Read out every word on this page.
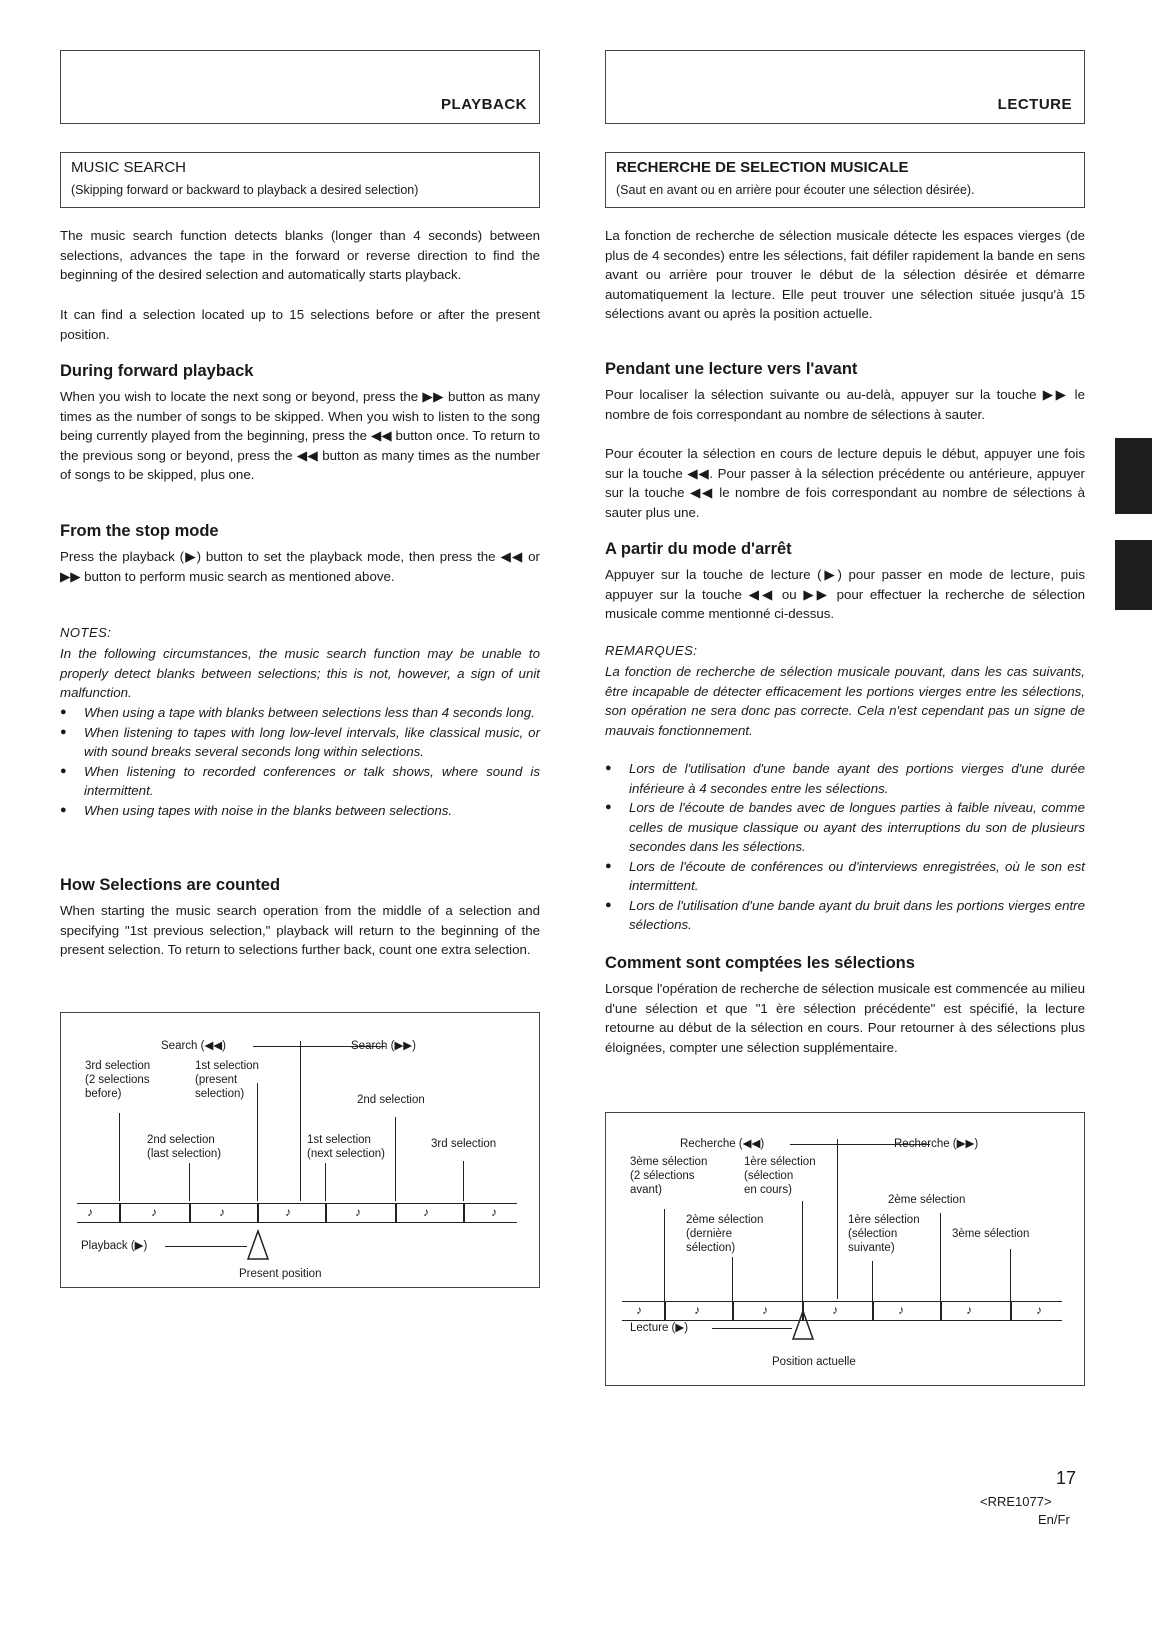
PLAYBACK
MUSIC SEARCH
(Skipping forward or backward to playback a desired selection)

The music search function detects blanks (longer than 4 seconds) between selections, advances the tape in the forward or reverse direction to find the beginning of the desired selection and automatically starts playback.

It can find a selection located up to 15 selections before or after the present position.

During forward playback

When you wish to locate the next song or beyond, press the ▶▶ button as many times as the number of songs to be skipped. When you wish to listen to the song being currently played from the beginning, press the ◀◀ button once. To return to the previous song or beyond, press the ◀◀ button as many times as the number of songs to be skipped, plus one.

From the stop mode

Press the playback (▶) button to set the playback mode, then press the ◀◀ or ▶▶ button to perform music search as mentioned above.

NOTES:

In the following circumstances, the music search function may be unable to properly detect blanks between selections; this is not, however, a sign of unit malfunction.

● When using a tape with blanks between selections less than 4 seconds long.
● When listening to tapes with long low-level intervals, like classical music, or with sound breaks several seconds long within selections.
● When listening to recorded conferences or talk shows, where sound is intermittent.
● When using tapes with noise in the blanks between selections.
How Selections are counted

When starting the music search operation from the middle of a selection and specifying "1st previous selection," playback will return to the beginning of the present selection. To return to selections further back, count one extra selection.

Search (◀◀)	Search (▶▶)
3rd selection
(2 selections
before)
1st selection
(present
selection)	2nd selection
2nd selection
(last selection)
1st selection
(next selection)
3rd selection
♪	♪	♪	♪	♪	♪	♪
Playback (▶)
Present position
LECTURE
RECHERCHE DE SELECTION MUSICALE
(Saut en avant ou en arrière pour écouter une sélection désirée).

La fonction de recherche de sélection musicale détecte les espaces vierges (de plus de 4 secondes) entre les sélections, fait défiler rapidement la bande en sens avant ou arrière pour trouver le début de la sélection désirée et démarre automatiquement la lecture. Elle peut trouver une sélection située jusqu'à 15 sélections avant ou après la position actuelle.

Pendant une lecture vers l'avant

Pour localiser la sélection suivante ou au-delà, appuyer sur la touche ▶▶ le nombre de fois correspondant au nombre de sélections à sauter.

Pour écouter la sélection en cours de lecture depuis le début, appuyer une fois sur la touche ◀◀. Pour passer à la sélection précédente ou antérieure, appuyer sur la touche ◀◀ le nombre de fois correspondant au nombre de sélections à sauter plus une.

A partir du mode d'arrêt

Appuyer sur la touche de lecture (▶) pour passer en mode de lecture, puis appuyer sur la touche ◀◀ ou ▶▶ pour effectuer la recherche de sélection musicale comme mentionné ci-dessus.

REMARQUES:

La fonction de recherche de sélection musicale pouvant, dans les cas suivants, être incapable de détecter efficacement les portions vierges entre les sélections, son opération ne sera donc pas correcte. Cela n'est cependant pas un signe de mauvais fonctionnement.

● Lors de l'utilisation d'une bande ayant des portions vierges d'une durée inférieure à 4 secondes entre les sélections.
● Lors de l'écoute de bandes avec de longues parties à faible niveau, comme celles de musique classique ou ayant des interruptions du son de plusieurs secondes dans les sélections.
● Lors de l'écoute de conférences ou d'interviews enregistrées, où le son est intermittent.
● Lors de l'utilisation d'une bande ayant du bruit dans les portions vierges entre sélections.
Comment sont comptées les sélections

Lorsque l'opération de recherche de sélection musicale est commencée au milieu d'une sélection et que "1 ère sélection précédente" est spécifié, la lecture retourne au début de la sélection en cours. Pour retourner à des sélections plus éloignées, compter une sélection supplémentaire.

Recherche (◀◀)	Recherche (▶▶)
3ème sélection
(2 sélections
avant)
1ère sélection
(sélection
en cours)
2ème sélection
2ème sélection
(dernière
sélection)
1ère sélection
(sélection
suivante)
3ème sélection
♪	♪	♪	♪	♪	♪	♪
Lecture (▶)
Position actuelle
17
<RRE1077>
En/Fr
